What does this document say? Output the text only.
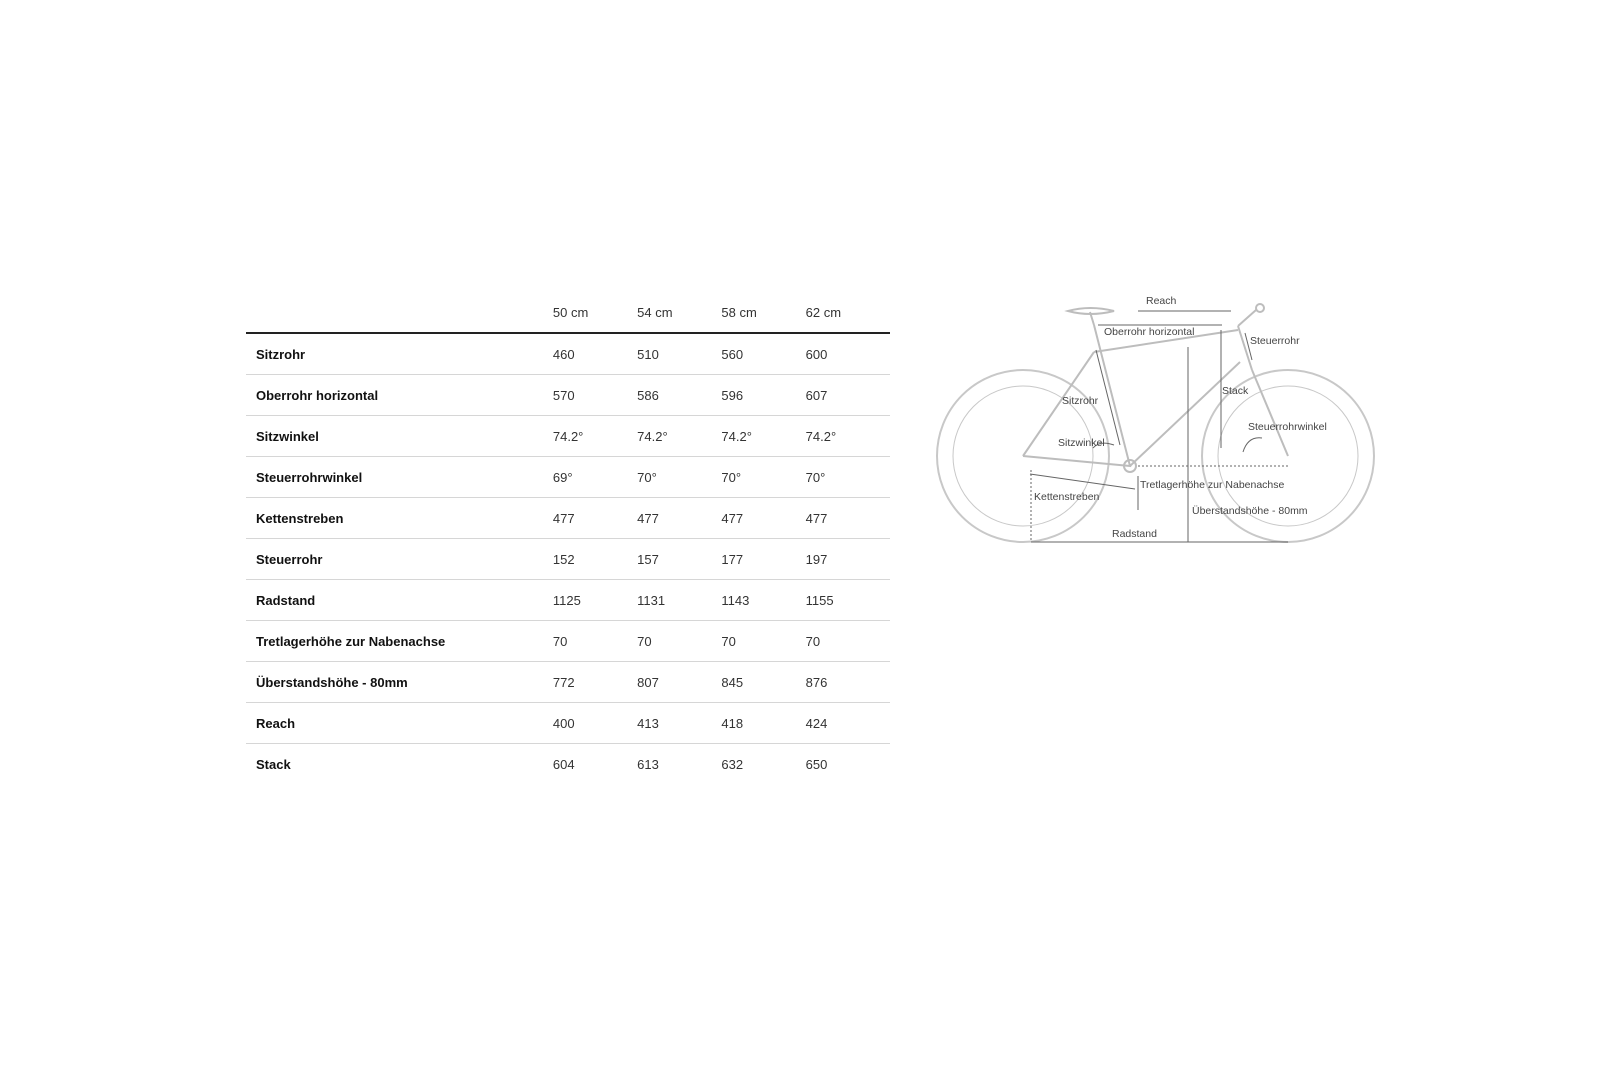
	50 cm	54 cm	58 cm	62 cm
Sitzrohr	460	510	560	600
Oberrohr horizontal	570	586	596	607
Sitzwinkel	74.2°	74.2°	74.2°	74.2°
Steuerrohrwinkel	69°	70°	70°	70°
Kettenstreben	477	477	477	477
Steuerrohr	152	157	177	197
Radstand	1125	1131	1143	1155
Tretlagerhöhe zur Nabenachse	70	70	70	70
Überstandshöhe - 80mm	772	807	845	876
Reach	400	413	418	424
Stack	604	613	632	650
Reach
Oberrohr horizontal
Steuerrohr
Sitzrohr
Stack
Steuerrohrwinkel
Sitzwinkel
Tretlagerhöhe zur Nabenachse
Kettenstreben
Überstandshöhe - 80mm
Radstand
